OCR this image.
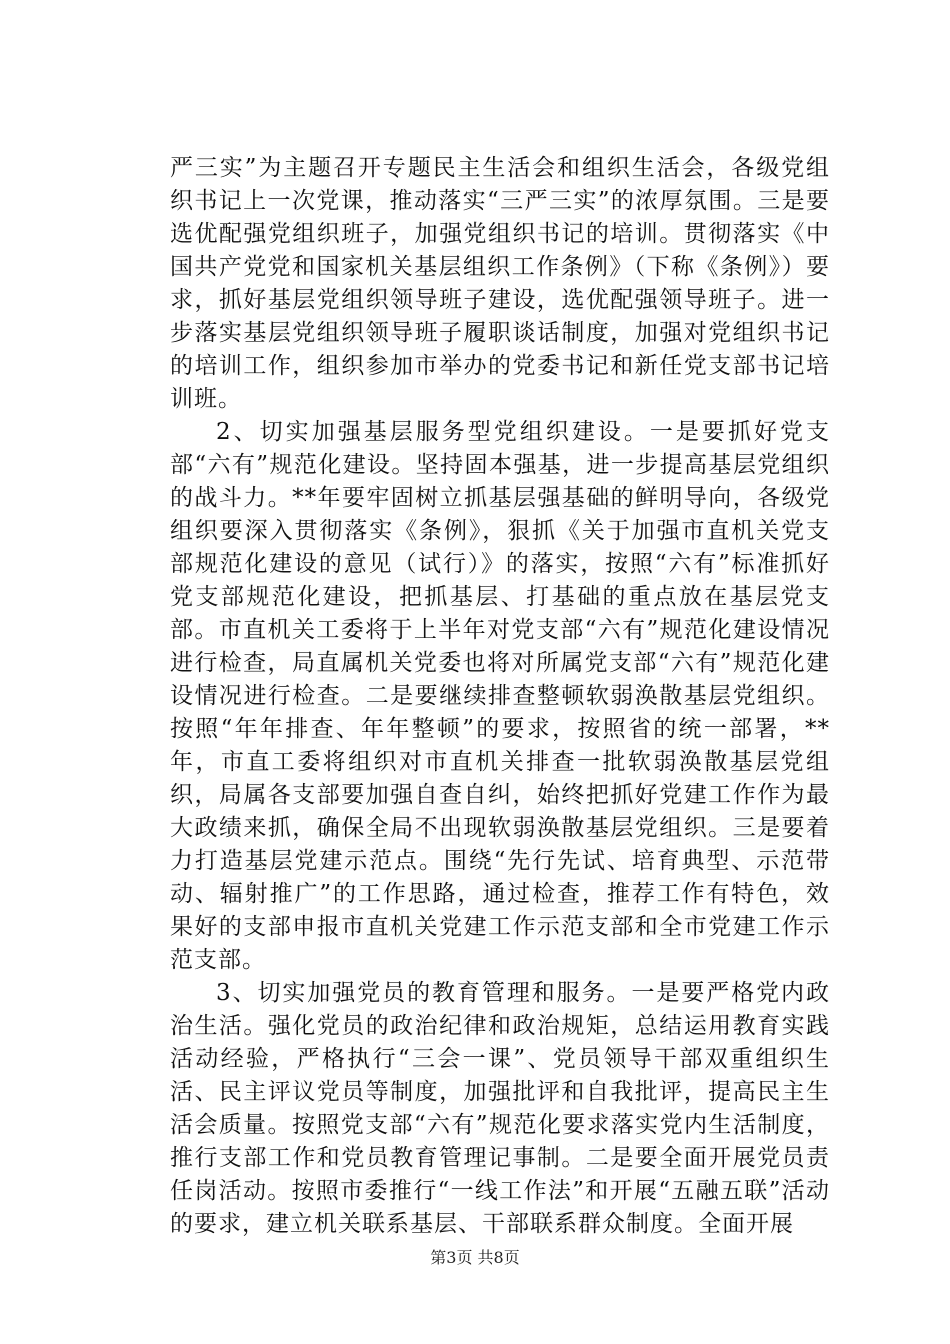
严三实”为主题召开专题民主生活会和组织生活会，各级党组织书记上一次党课，推动落实“三严三实”的浓厚氛围。三是要选优配强党组织班子，加强党组织书记的培训。贯彻落实《中国共产党党和国家机关基层组织工作条例》（下称《条例》）要求，抓好基层党组织领导班子建设，选优配强领导班子。进一步落实基层党组织领导班子履职谈话制度，加强对党组织书记的培训工作，组织参加市举办的党委书记和新任党支部书记培训班。

2、切实加强基层服务型党组织建设。一是要抓好党支部“六有”规范化建设。坚持固本强基，进一步提高基层党组织的战斗力。**年要牢固树立抓基层强基础的鲜明导向，各级党组织要深入贯彻落实《条例》，狠抓《关于加强市直机关党支部规范化建设的意见（试行）》的落实，按照“六有”标准抓好党支部规范化建设，把抓基层、打基础的重点放在基层党支部。市直机关工委将于上半年对党支部“六有”规范化建设情况进行检查，局直属机关党委也将对所属党支部“六有”规范化建设情况进行检查。二是要继续排查整顿软弱涣散基层党组织。按照“年年排查、年年整顿”的要求，按照省的统一部署，**年，市直工委将组织对市直机关排查一批软弱涣散基层党组织，局属各支部要加强自查自纠，始终把抓好党建工作作为最大政绩来抓，确保全局不出现软弱涣散基层党组织。三是要着力打造基层党建示范点。围绕“先行先试、培育典型、示范带动、辐射推广”的工作思路，通过检查，推荐工作有特色，效果好的支部申报市直机关党建工作示范支部和全市党建工作示范支部。

3、切实加强党员的教育管理和服务。一是要严格党内政治生活。强化党员的政治纪律和政治规矩，总结运用教育实践活动经验，严格执行“三会一课”、党员领导干部双重组织生活、民主评议党员等制度，加强批评和自我批评，提高民主生活会质量。按照党支部“六有”规范化要求落实党内生活制度，推行支部工作和党员教育管理记事制。二是要全面开展党员责任岗活动。按照市委推行“一线工作法”和开展“五融五联”活动的要求，建立机关联系基层、干部联系群众制度。全面开展

第3页 共8页
